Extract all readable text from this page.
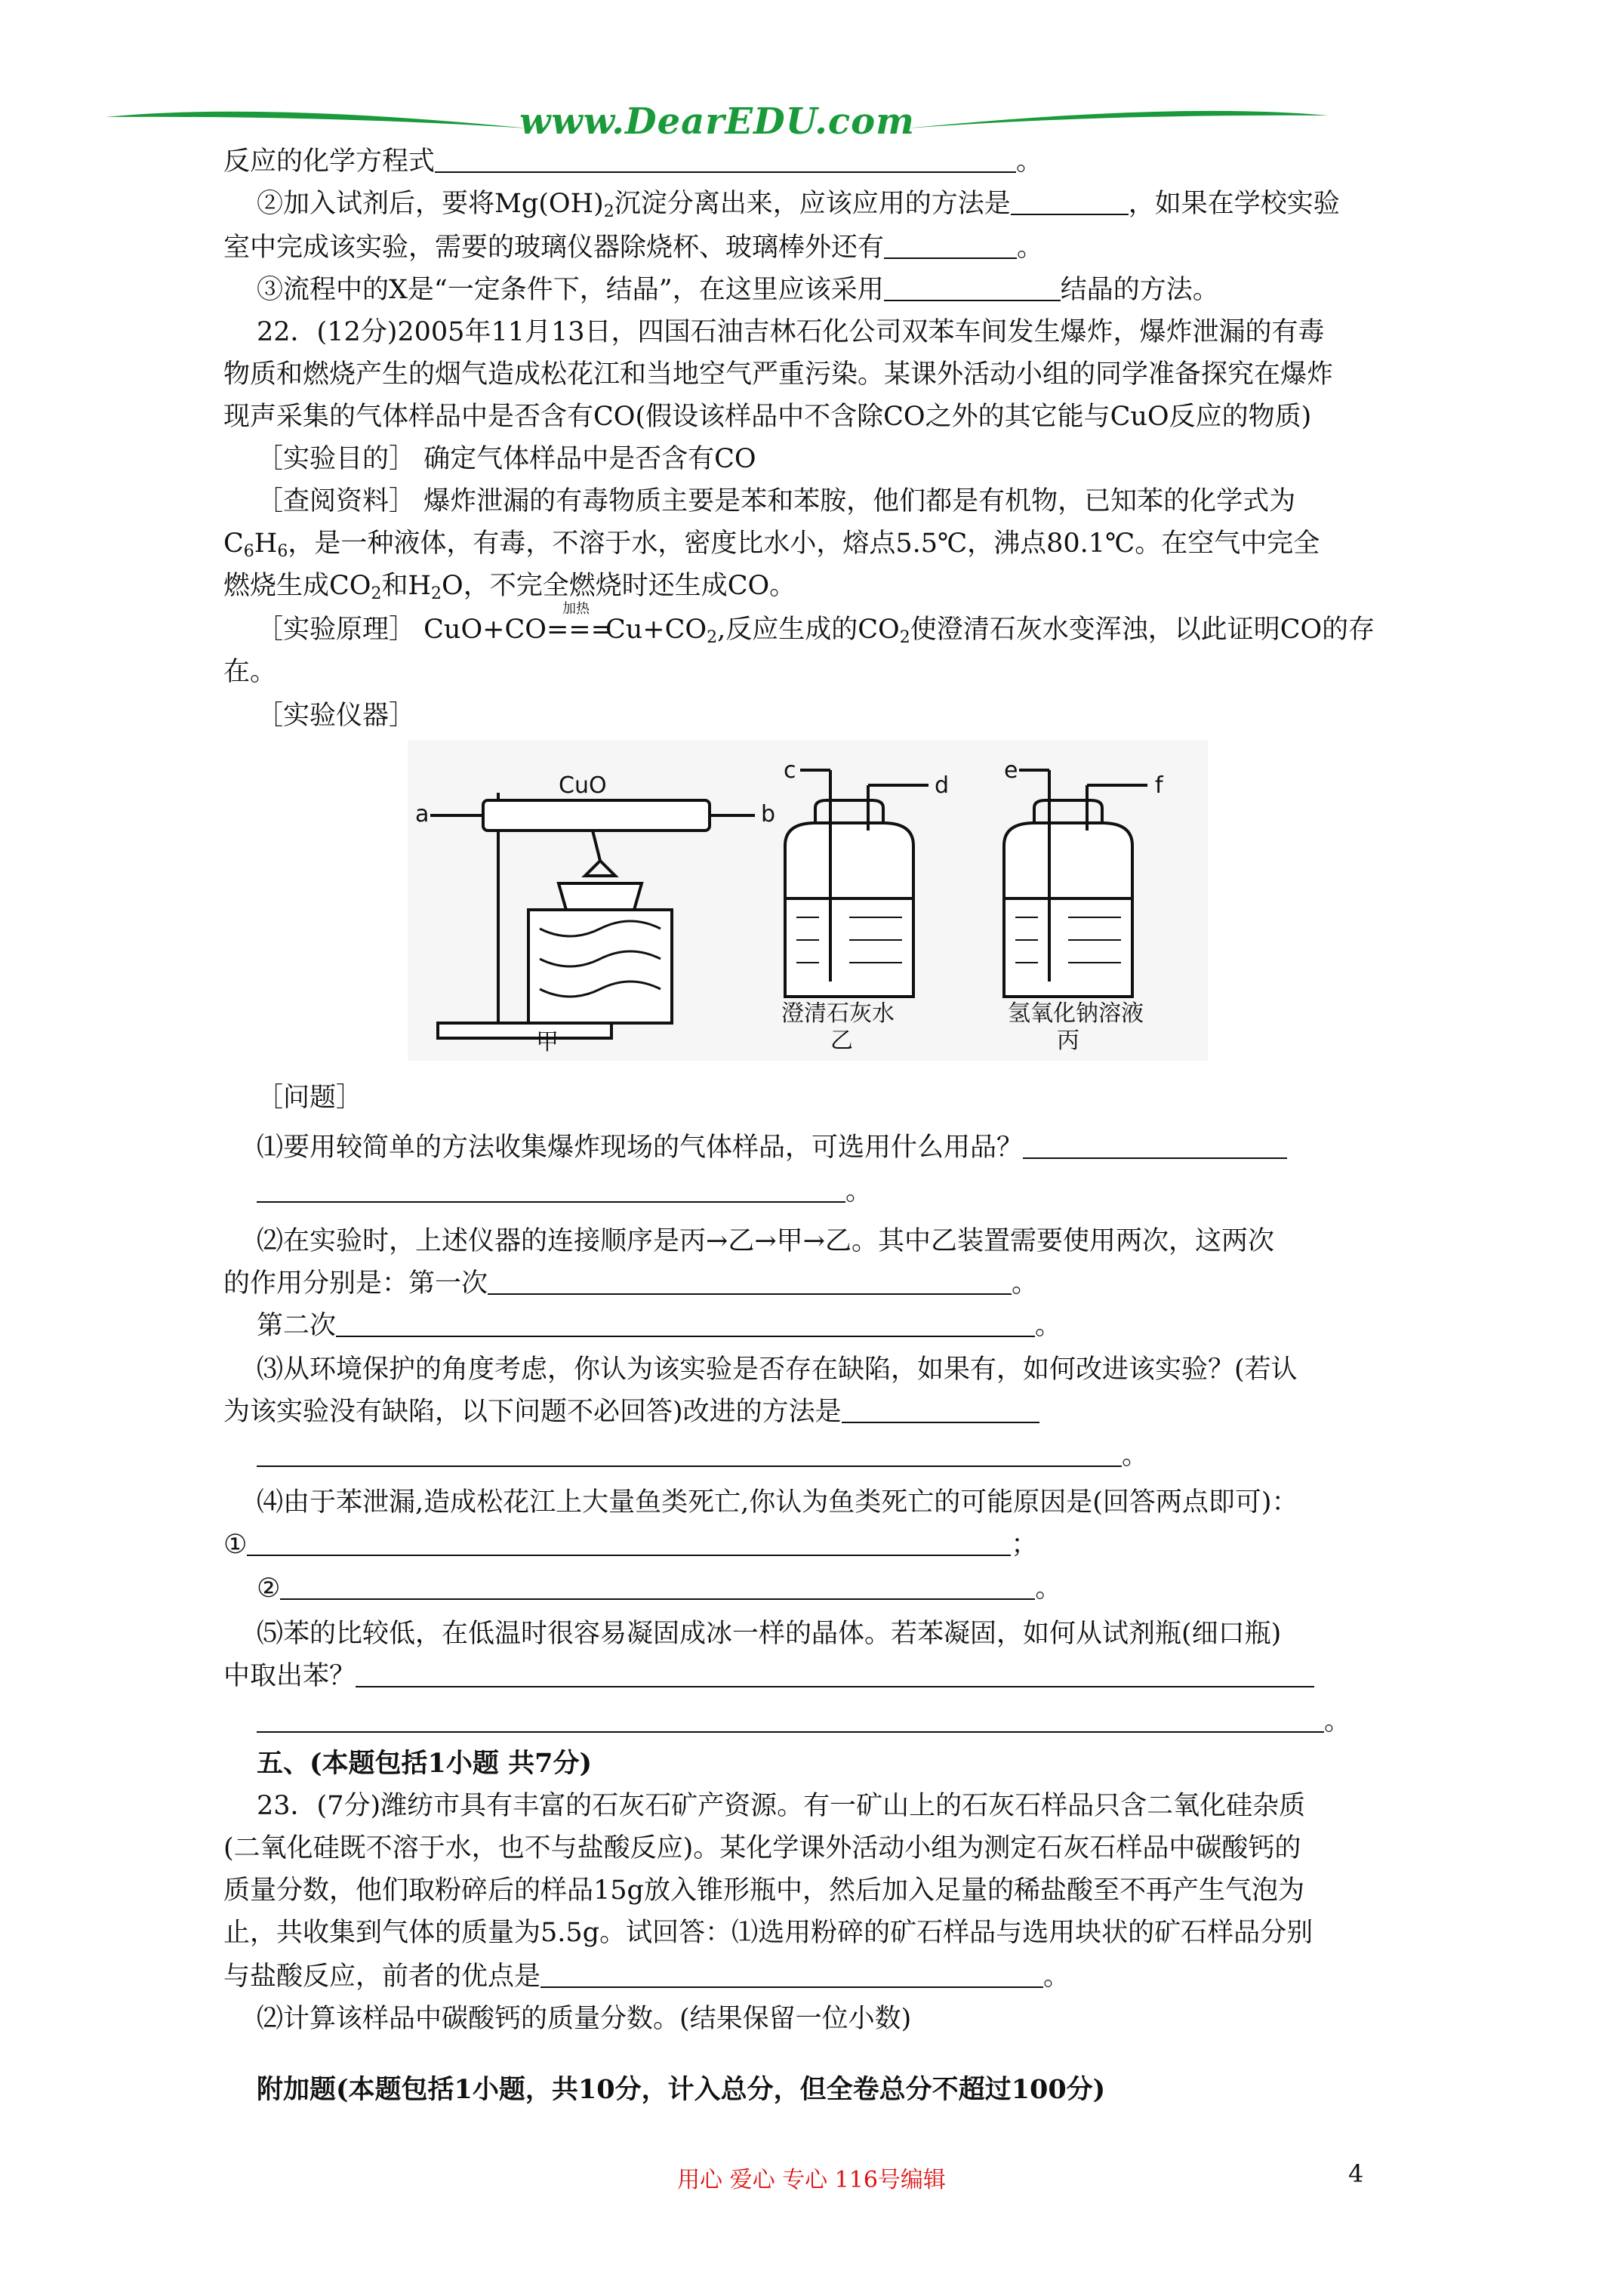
www.DearEDU.com
反应的化学方程式	。
②加入试剂后，要将$Mg(OH)_2$沉淀分离出来，应该应用的方法是	，如果在学校实验
室中完成该实验，需要的玻璃仪器除烧杯、玻璃棒外还有	。
③流程中的X是“一定条件下，结晶”，在这里应该采用	结晶的方法。
22．(12分)2005年11月13日，四国石油吉林石化公司双苯车间发生爆炸，爆炸泄漏的有毒
物质和燃烧产生的烟气造成松花江和当地空气严重污染。某课外活动小组的同学准备探究在爆炸
现声采集的气体样品中是否含有CO(假设该样品中不含除CO之外的其它能与CuO反应的物质)
［实验目的］ 确定气体样品中是否含有CO
［查阅资料］ 爆炸泄漏的有毒物质主要是苯和苯胺，他们都是有机物，已知苯的化学式为
$C_6H_6$，是一种液体，有毒，不溶于水，密度比水小，熔点5.5℃，沸点80.1℃。在空气中完全
燃烧生成$CO_2$和$H_2O$，不完全燃烧时还生成CO。
［实验原理］ CuO+CO
加热
$===Cu+CO_2$,反应生成的$CO_2$使澄清石灰水变浑浊，以此证明CO的存
在。
［实验仪器］
CuO
a	b
甲
c
d
澄清石灰水
乙
e
f
氢氧化钠溶液
丙
［问题］
⑴要用较简单的方法收集爆炸现场的气体样品，可选用什么用品？
。
⑵在实验时，上述仪器的连接顺序是丙→乙→甲→乙。其中乙装置需要使用两次，这两次
的作用分别是：第一次	。
第二次	。
⑶从环境保护的角度考虑，你认为该实验是否存在缺陷，如果有，如何改进该实验？(若认
为该实验没有缺陷，以下问题不必回答)改进的方法是
。
⑷由于苯泄漏,造成松花江上大量鱼类死亡,你认为鱼类死亡的可能原因是(回答两点即可)：
①	；
②	。
⑸苯的比较低，在低温时很容易凝固成冰一样的晶体。若苯凝固，如何从试剂瓶(细口瓶)
中取出苯？
。
五、(本题包括1小题 共7分)
23．(7分)潍纺市具有丰富的石灰石矿产资源。有一矿山上的石灰石样品只含二氧化硅杂质
(二氧化硅既不溶于水，也不与盐酸反应)。某化学课外活动小组为测定石灰石样品中碳酸钙的
质量分数，他们取粉碎后的样品15g放入锥形瓶中，然后加入足量的稀盐酸至不再产生气泡为
止，共收集到气体的质量为5.5g。试回答：⑴选用粉碎的矿石样品与选用块状的矿石样品分别
与盐酸反应，前者的优点是	。
⑵计算该样品中碳酸钙的质量分数。(结果保留一位小数)
附加题(本题包括1小题，共10分，计入总分，但全卷总分不超过100分)
用心 爱心 专心 116号编辑	4
